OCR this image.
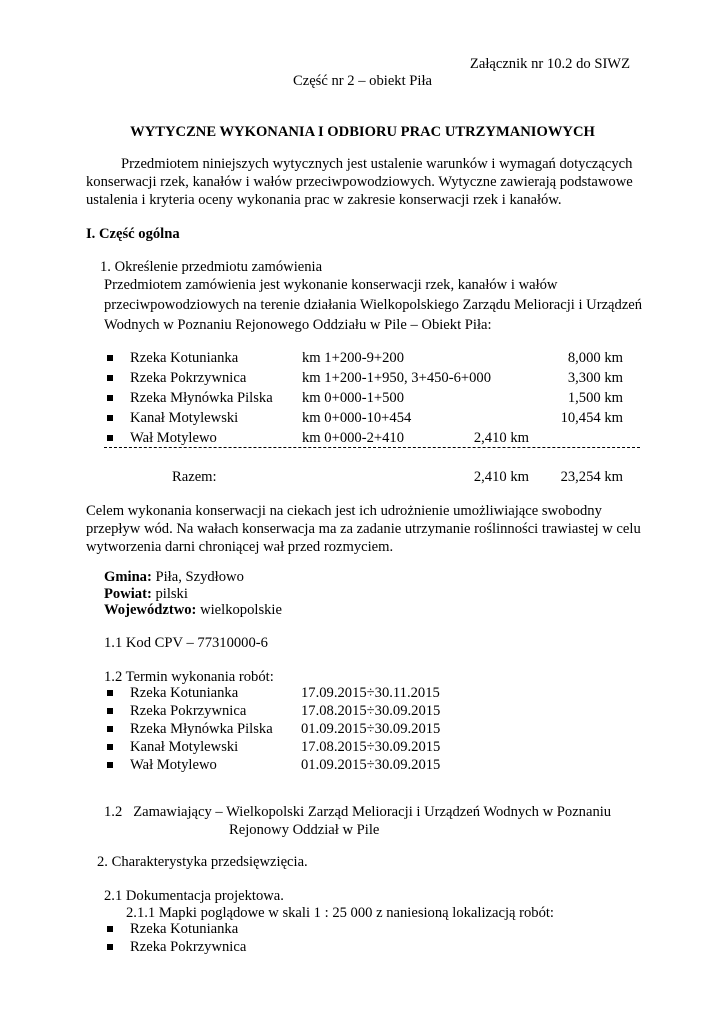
Załącznik nr 10.2 do SIWZ
Część nr 2 – obiekt Piła
WYTYCZNE WYKONANIA I ODBIORU PRAC UTRZYMANIOWYCH
Przedmiotem niniejszych wytycznych jest ustalenie warunków i wymagań dotyczących
konserwacji rzek, kanałów i wałów przeciwpowodziowych. Wytyczne zawierają podstawowe
ustalenia i kryteria oceny wykonania prac w zakresie konserwacji rzek i kanałów.
I. Część ogólna
1. Określenie przedmiotu zamówienia
Przedmiotem zamówienia jest wykonanie konserwacji rzek, kanałów i wałów
przeciwpowodziowych na terenie działania Wielkopolskiego Zarządu Melioracji i Urządzeń
Wodnych w Poznaniu Rejonowego Oddziału w Pile – Obiekt Piła:
Rzeka Kotunianka	km 1+200-9+200	8,000 km
Rzeka Pokrzywnica	km 1+200-1+950, 3+450-6+000	3,300 km
Rzeka Młynówka Pilska km 0+000-1+500	1,500 km
Kanał Motylewski	km 0+000-10+454	10,454 km
Wał Motylewo	km 0+000-2+410	2,410 km
Razem:	2,410 km 23,254 km
Celem wykonania konserwacji na ciekach jest ich udrożnienie umożliwiające swobodny
przepływ wód. Na wałach konserwacja ma za zadanie utrzymanie roślinności trawiastej w celu
wytworzenia darni chroniącej wał przed rozmyciem.
Gmina: Piła, Szydłowo
Powiat: pilski
Województwo: wielkopolskie
1.1 Kod CPV – 77310000-6
1.2 Termin wykonania robót:
Rzeka Kotunianka	17.09.2015÷30.11.2015
Rzeka Pokrzywnica	17.08.2015÷30.09.2015
Rzeka Młynówka Pilska 01.09.2015÷30.09.2015
Kanał Motylewski	17.08.2015÷30.09.2015
Wał Motylewo	01.09.2015÷30.09.2015
1.2   Zamawiający – Wielkopolski Zarząd Melioracji i Urządzeń Wodnych w Poznaniu
Rejonowy Oddział w Pile
2. Charakterystyka przedsięwzięcia.
2.1 Dokumentacja projektowa.
2.1.1 Mapki poglądowe w skali 1 : 25 000 z naniesioną lokalizacją robót:
Rzeka Kotunianka
Rzeka Pokrzywnica
